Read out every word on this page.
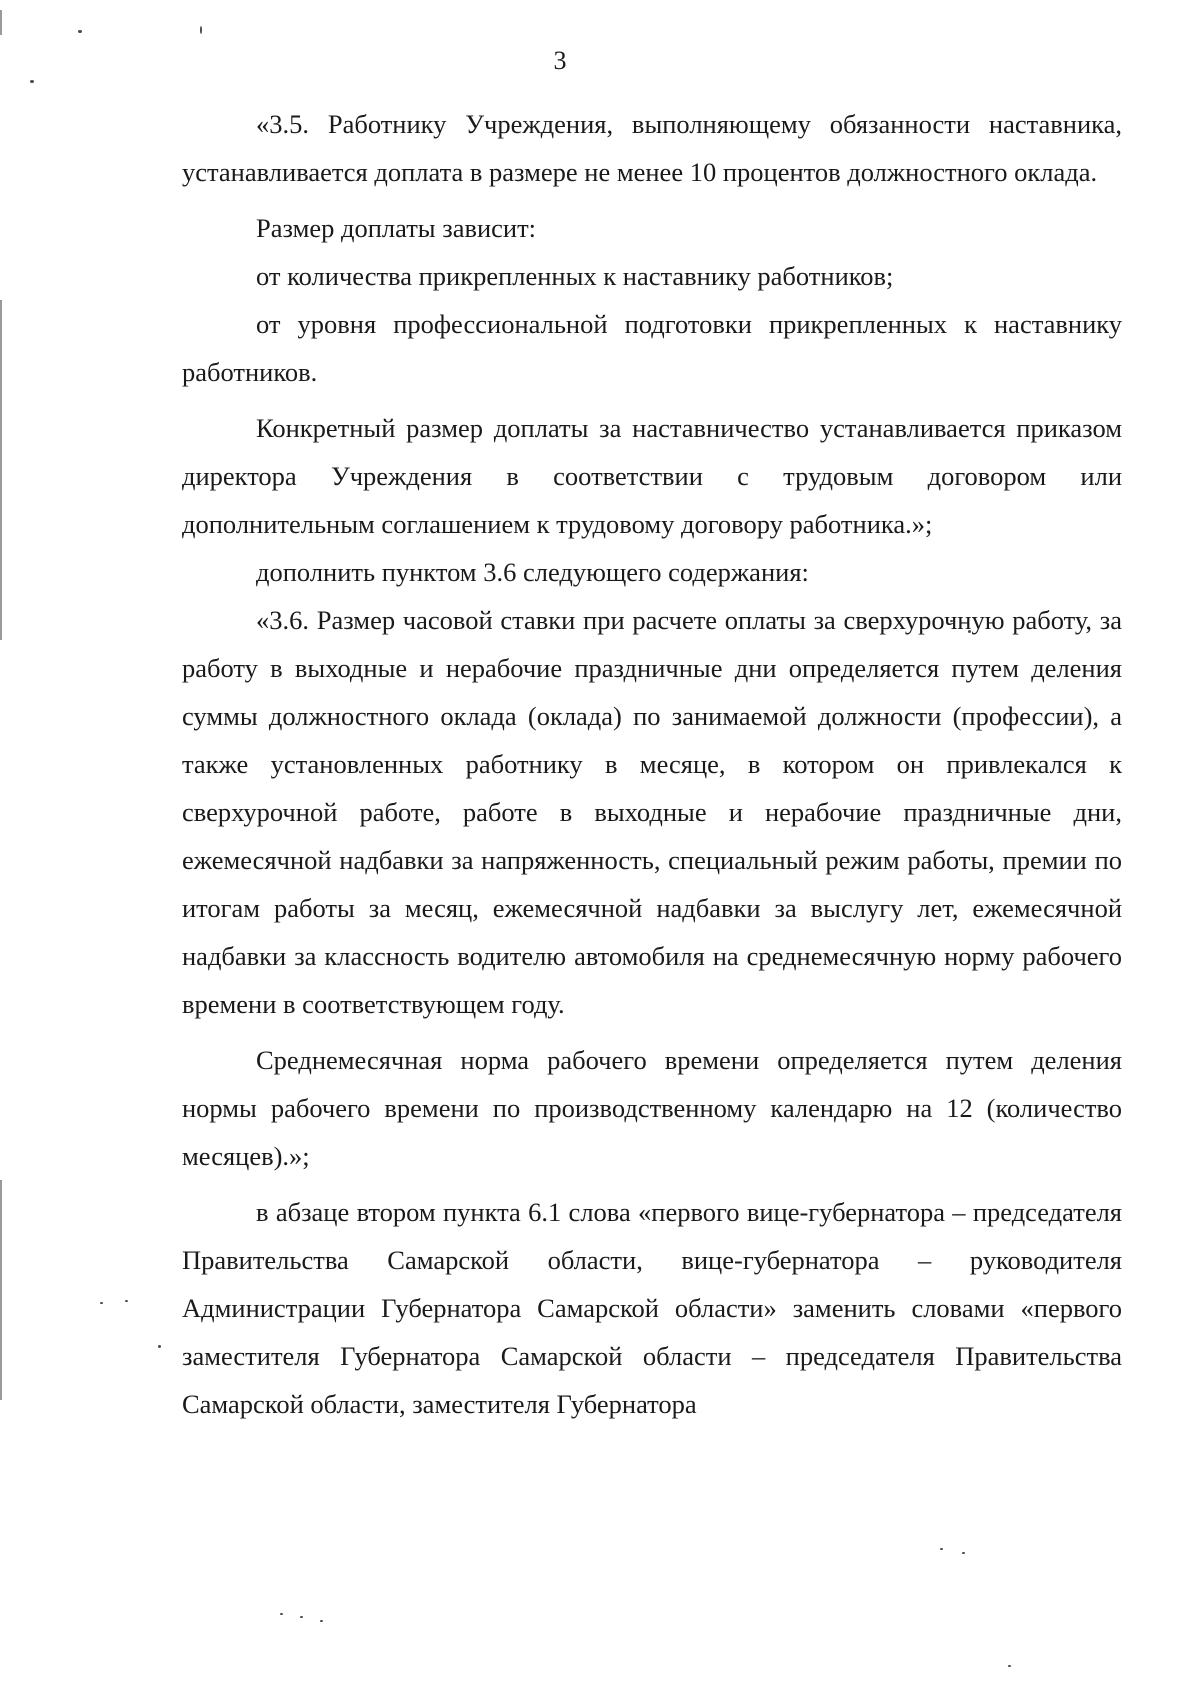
3

«3.5. Работнику Учреждения, выполняющему обязанности наставника, устанавливается доплата в размере не менее 10 процентов должностного оклада.

Размер доплаты зависит:

от количества прикрепленных к наставнику работников;

от уровня профессиональной подготовки прикрепленных к наставнику работников.

Конкретный размер доплаты за наставничество устанавливается приказом директора Учреждения в соответствии с трудовым договором или дополнительным соглашением к трудовому договору работника.»;

дополнить пунктом 3.6 следующего содержания:

«3.6. Размер часовой ставки при расчете оплаты за сверхурочную работу, за работу в выходные и нерабочие праздничные дни определяется путем деления суммы должностного оклада (оклада) по занимаемой должности (профессии), а также установленных работнику в месяце, в котором он привлекался к сверхурочной работе, работе в выходные и нерабочие праздничные дни, ежемесячной надбавки за напряженность, специальный режим работы, премии по итогам работы за месяц, ежемесячной надбавки за выслугу лет, ежемесячной надбавки за классность водителю автомобиля на среднемесячную норму рабочего времени в соответствующем году.

Среднемесячная норма рабочего времени определяется путем деления нормы рабочего времени по производственному календарю на 12 (количество месяцев).»;

в абзаце втором пункта 6.1 слова «первого вице-губернатора – председателя Правительства Самарской области, вице-губернатора – руководителя Администрации Губернатора Самарской области» заменить словами «первого заместителя Губернатора Самарской области – председателя Правительства Самарской области, заместителя Губернатора
